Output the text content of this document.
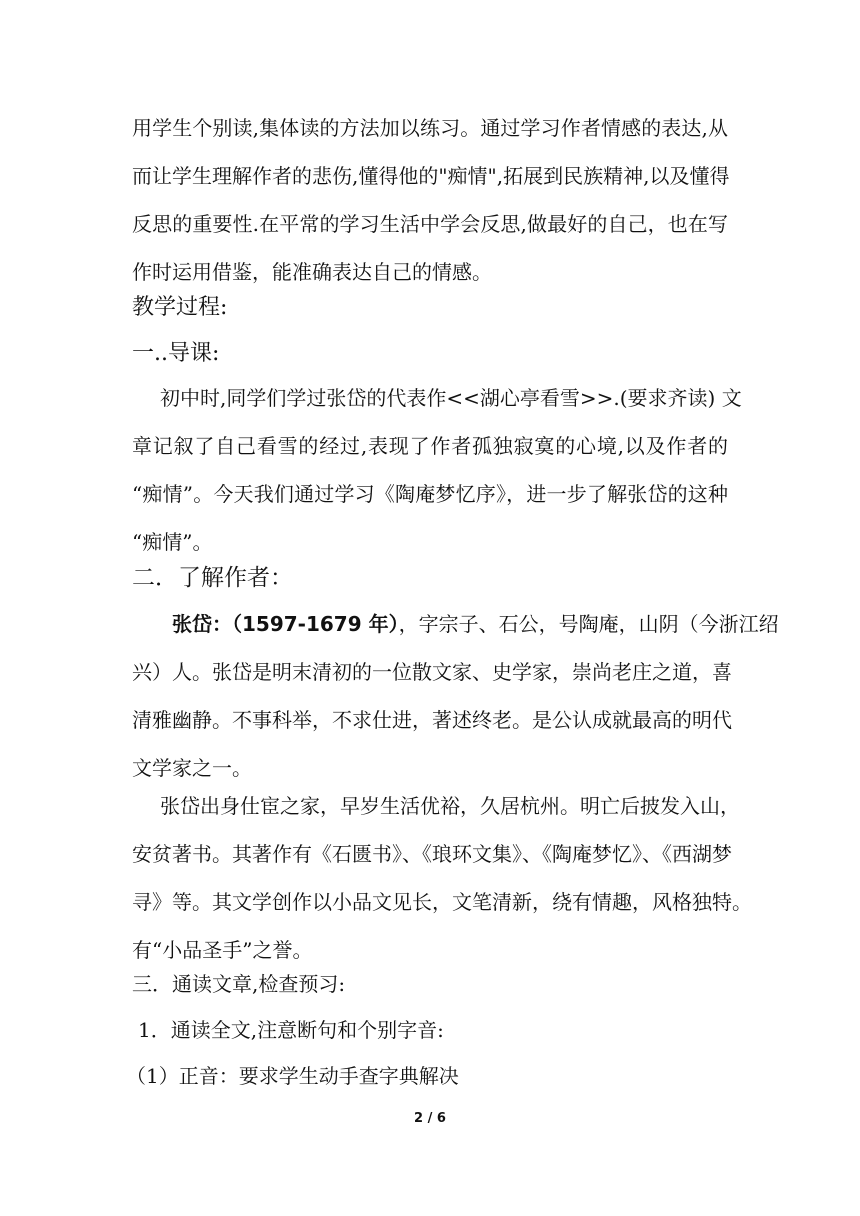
用学生个别读,集体读的方法加以练习。通过学习作者情感的表达,从
而让学生理解作者的悲伤,懂得他的"痴情",拓展到民族精神,以及懂得
反思的重要性.在平常的学习生活中学会反思,做最好的自己，也在写
作时运用借鉴，能准确表达自己的情感。
教学过程:
一..导课:
初中时,同学们学过张岱的代表作<<湖心亭看雪>>.(要求齐读) 文
章记叙了自己看雪的经过,表现了作者孤独寂寞的心境,以及作者的
“痴情”。今天我们通过学习《陶庵梦忆序》，进一步了解张岱的这种
“痴情”。
二．了解作者：
张岱：（1597-1679 年），字宗子、石公，号陶庵，山阴（今浙江绍
兴）人。张岱是明末清初的一位散文家、史学家，崇尚老庄之道，喜
清雅幽静。不事科举，不求仕进，著述终老。是公认成就最高的明代
文学家之一。
张岱出身仕宦之家，早岁生活优裕，久居杭州。明亡后披发入山，
安贫著书。其著作有《石匮书》、《琅环文集》、《陶庵梦忆》、《西湖梦
寻》等。其文学创作以小品文见长，文笔清新，绕有情趣，风格独特。
有“小品圣手”之誉。
三．通读文章,检查预习:
1．通读全文,注意断句和个别字音:
（1）正音：要求学生动手查字典解决
2 / 6
